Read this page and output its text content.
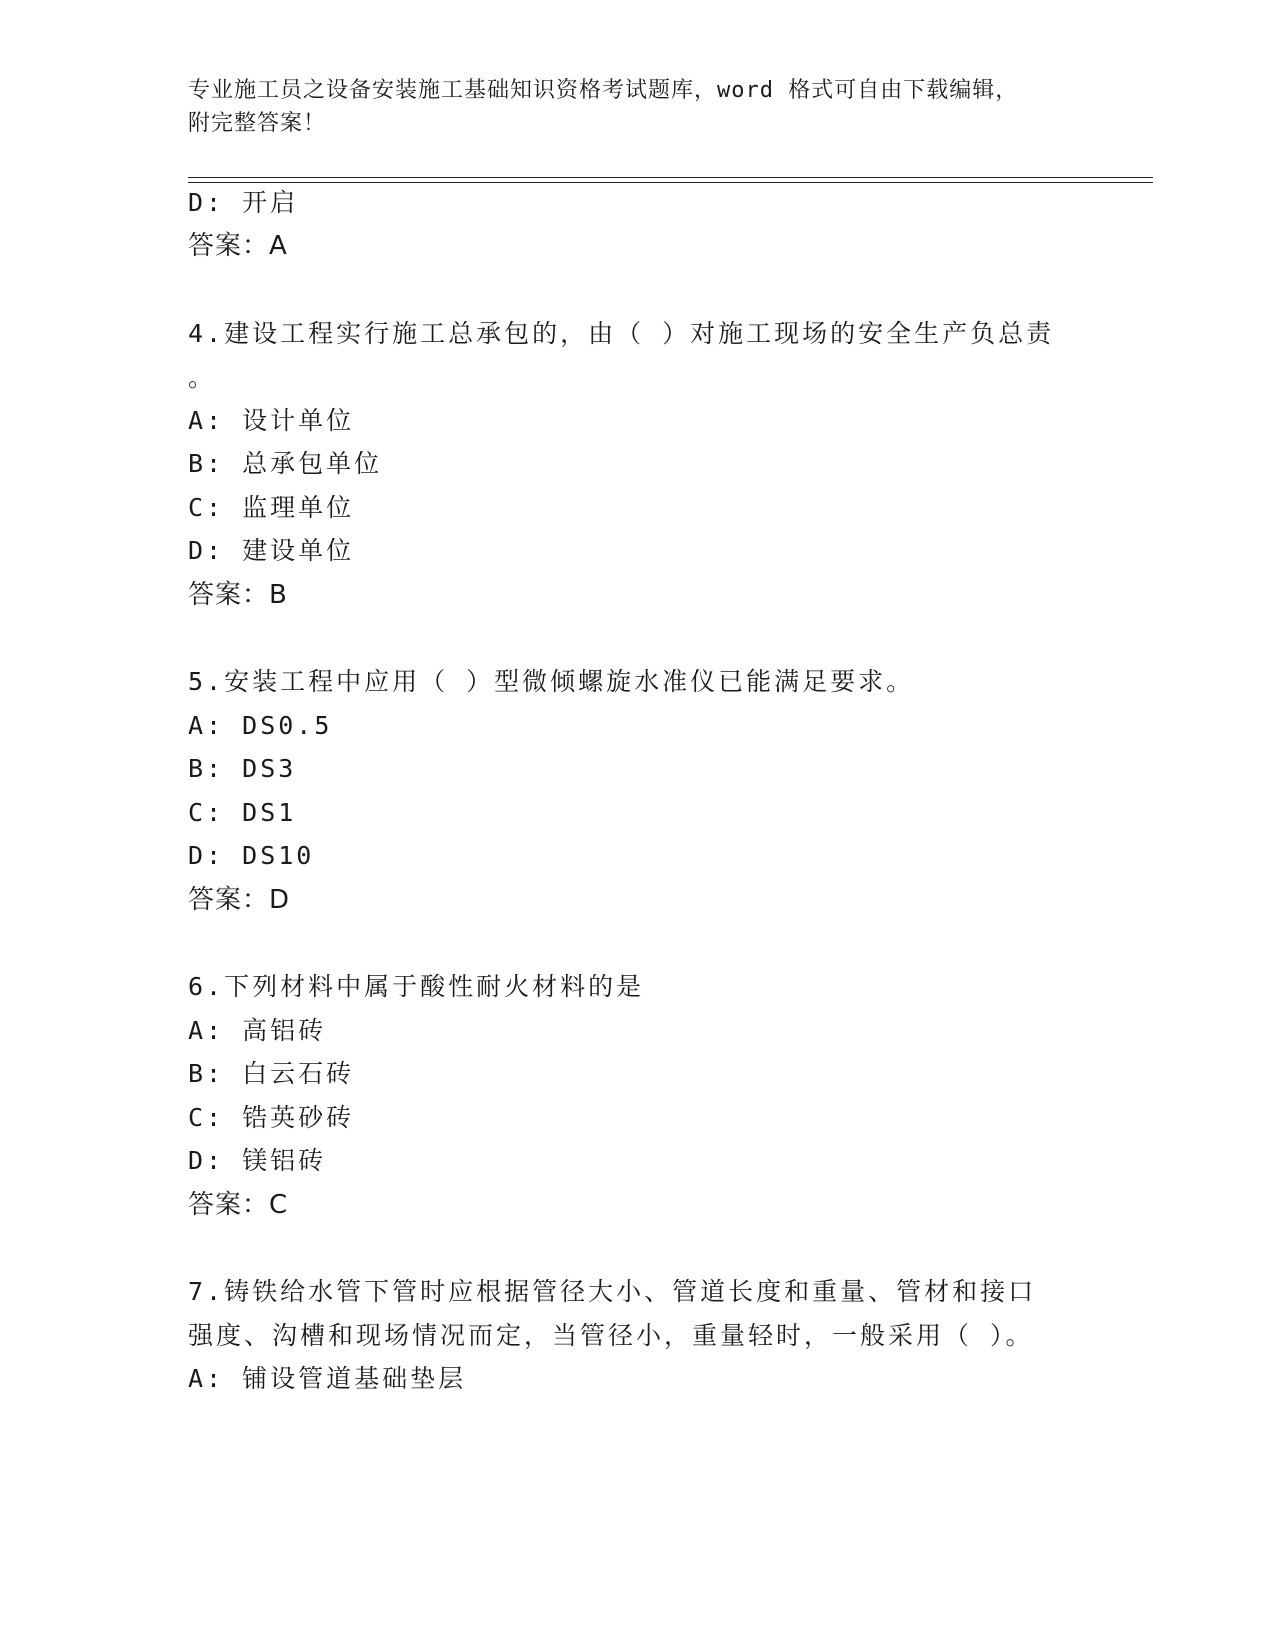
专业施工员之设备安装施工基础知识资格考试题库，word 格式可自由下载编辑，
附完整答案！
D: 开启
答案：A
4.建设工程实行施工总承包的，由（ ）对施工现场的安全生产负总责
。
A: 设计单位
B: 总承包单位
C: 监理单位
D: 建设单位
答案：B
5.安装工程中应用（ ）型微倾螺旋水准仪已能满足要求。
A: DS0.5
B: DS3
C: DS1
D: DS10
答案：D
6.下列材料中属于酸性耐火材料的是
A: 高铝砖
B: 白云石砖
C: 锆英砂砖
D: 镁铝砖
答案：C
7.铸铁给水管下管时应根据管径大小、管道长度和重量、管材和接口
强度、沟槽和现场情况而定，当管径小，重量轻时，一般采用（ ）。
A: 铺设管道基础垫层
